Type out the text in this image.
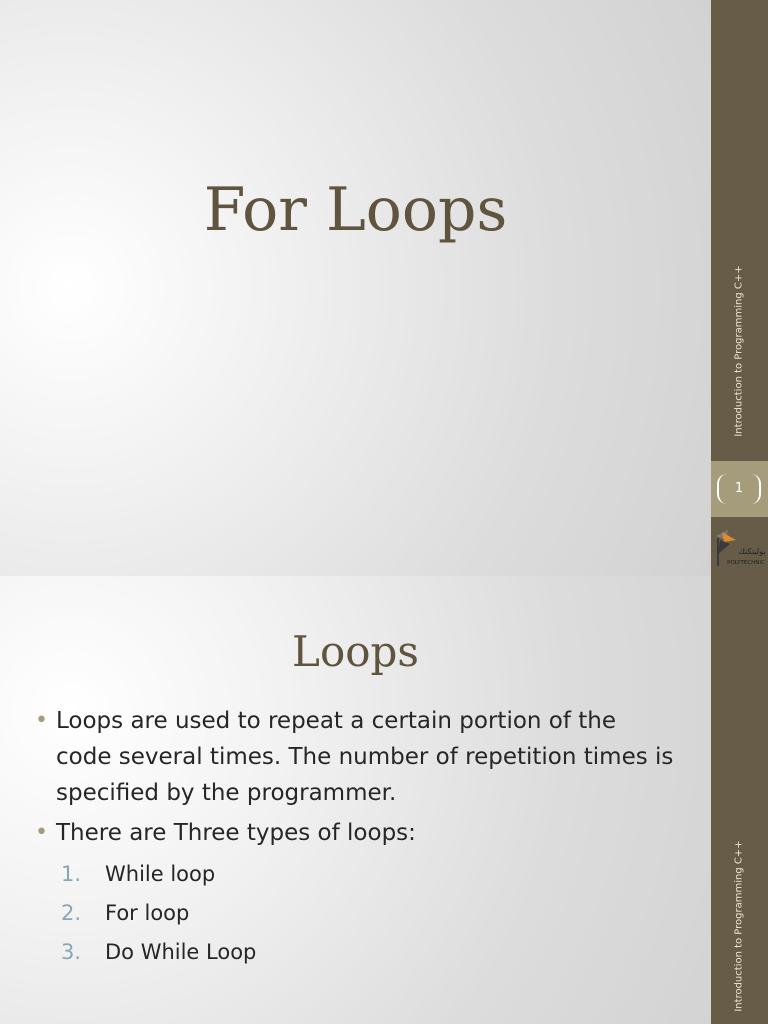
For Loops
1
بوليتكنك
POLYTECHNIC
Introduction to Programming C++
Introduction to Programming C++
Loops
• Loops are used to repeat a certain portion of the code several times. The number of repetition times is specified by the programmer.
• There are Three types of loops:
1. While loop
2. For loop
3. Do While Loop
